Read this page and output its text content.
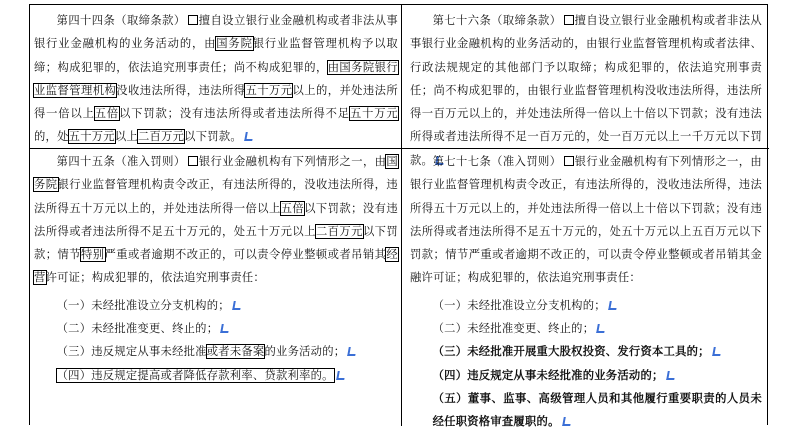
第四十四条（取缔条款） 擅自设立银行业金融机构或者非法从事银行业金融机构的业务活动的，由国务院银行业监督管理机构予以取缔；构成犯罪的，依法追究刑事责任；尚不构成犯罪的，由国务院银行业监督管理机构没收违法所得，违法所得五十万元以上的，并处违法所得一倍以上五倍以下罚款；没有违法所得或者违法所得不足五十万元的，处五十万元以上二百万元以下罚款。

第七十六条（取缔条款） 擅自设立银行业金融机构或者非法从事银行业金融机构的业务活动的，由银行业监督管理机构或者法律、行政法规规定的其他部门予以取缔；构成犯罪的，依法追究刑事责任；尚不构成犯罪的，由银行业监督管理机构没收违法所得，违法所得一百万元以上的，并处违法所得一倍以上十倍以下罚款；没有违法所得或者违法所得不足一百万元的，处一百万元以上一千万元以下罚款。

第四十五条（准入罚则） 银行业金融机构有下列情形之一，由国务院银行业监督管理机构责令改正，有违法所得的，没收违法所得，违法所得五十万元以上的，并处违法所得一倍以上五倍以下罚款；没有违法所得或者违法所得不足五十万元的，处五十万元以上二百万元以下罚款；情节特别严重或者逾期不改正的，可以责令停业整顿或者吊销其经营许可证；构成犯罪的，依法追究刑事责任：

（一）未经批准设立分支机构的；

（二）未经批准变更、终止的；

（三）违反规定从事未经批准或者未备案的业务活动的；

（四）违反规定提高或者降低存款利率、贷款利率的。

第七十七条（准入罚则） 银行业金融机构有下列情形之一，由银行业监督管理机构责令改正，有违法所得的，没收违法所得，违法所得五十万元以上的，并处违法所得一倍以上十倍以下罚款；没有违法所得或者违法所得不足五十万元的，处五十万元以上五百万元以下罚款；情节严重或者逾期不改正的，可以责令停业整顿或者吊销其金融许可证；构成犯罪的，依法追究刑事责任：

（一）未经批准设立分支机构的；

（二）未经批准变更、终止的；

（三）未经批准开展重大股权投资、发行资本工具的；

（四）违反规定从事未经批准的业务活动的；

（五）董事、监事、高级管理人员和其他履行重要职责的人员未经任职资格审查履职的。
